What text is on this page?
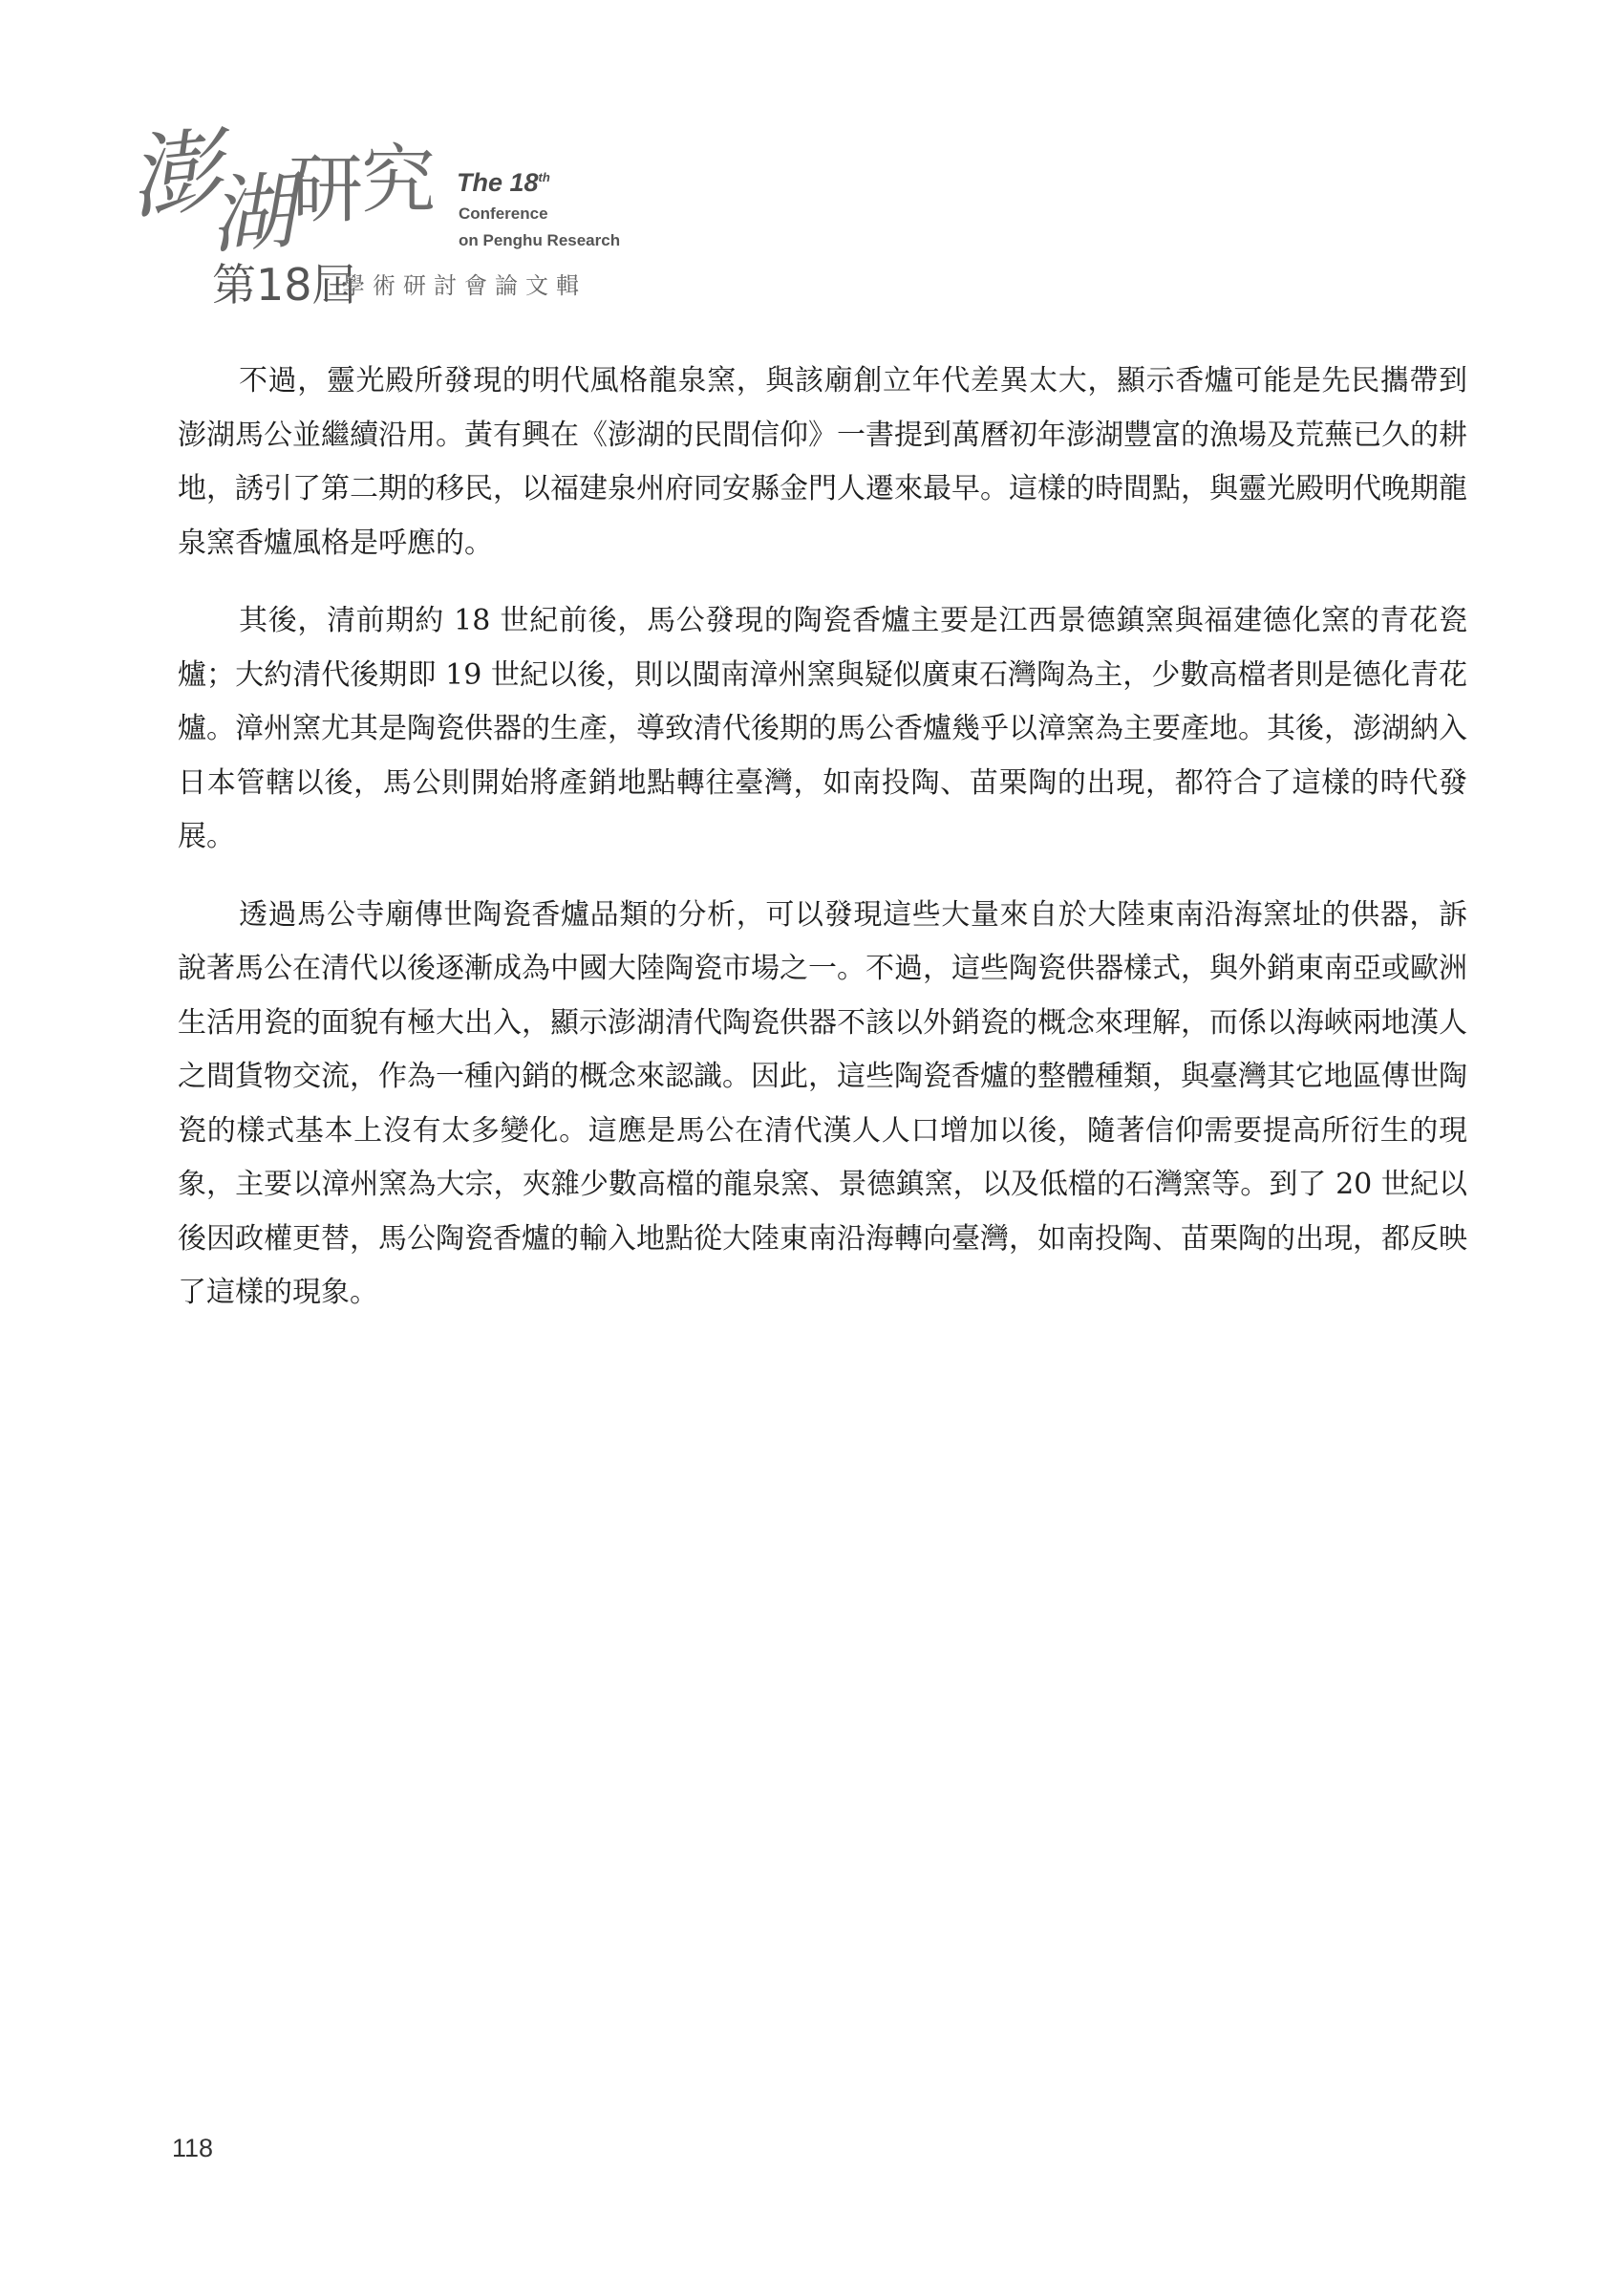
澎
湖
研
究 The 18th
Conference
on Penghu Research
第18屆
學術研討會論文輯

不過，靈光殿所發現的明代風格龍泉窯，與該廟創立年代差異太大，顯示香爐可能是先民攜帶到澎湖馬公並繼續沿用。黃有興在《澎湖的民間信仰》一書提到萬曆初年澎湖豐富的漁場及荒蕪已久的耕地，誘引了第二期的移民，以福建泉州府同安縣金門人遷來最早。這樣的時間點，與靈光殿明代晚期龍泉窯香爐風格是呼應的。

其後，清前期約 18 世紀前後，馬公發現的陶瓷香爐主要是江西景德鎮窯與福建德化窯的青花瓷爐；大約清代後期即 19 世紀以後，則以閩南漳州窯與疑似廣東石灣陶為主，少數高檔者則是德化青花爐。漳州窯尤其是陶瓷供器的生產，導致清代後期的馬公香爐幾乎以漳窯為主要產地。其後，澎湖納入日本管轄以後，馬公則開始將產銷地點轉往臺灣，如南投陶、苗栗陶的出現，都符合了這樣的時代發展。

透過馬公寺廟傳世陶瓷香爐品類的分析，可以發現這些大量來自於大陸東南沿海窯址的供器，訴說著馬公在清代以後逐漸成為中國大陸陶瓷市場之一。不過，這些陶瓷供器樣式，與外銷東南亞或歐洲生活用瓷的面貌有極大出入，顯示澎湖清代陶瓷供器不該以外銷瓷的概念來理解，而係以海峽兩地漢人之間貨物交流，作為一種內銷的概念來認識。因此，這些陶瓷香爐的整體種類，與臺灣其它地區傳世陶瓷的樣式基本上沒有太多變化。這應是馬公在清代漢人人口增加以後，隨著信仰需要提高所衍生的現象，主要以漳州窯為大宗，夾雜少數高檔的龍泉窯、景德鎮窯，以及低檔的石灣窯等。到了 20 世紀以後因政權更替，馬公陶瓷香爐的輸入地點從大陸東南沿海轉向臺灣，如南投陶、苗栗陶的出現，都反映了這樣的現象。

118
